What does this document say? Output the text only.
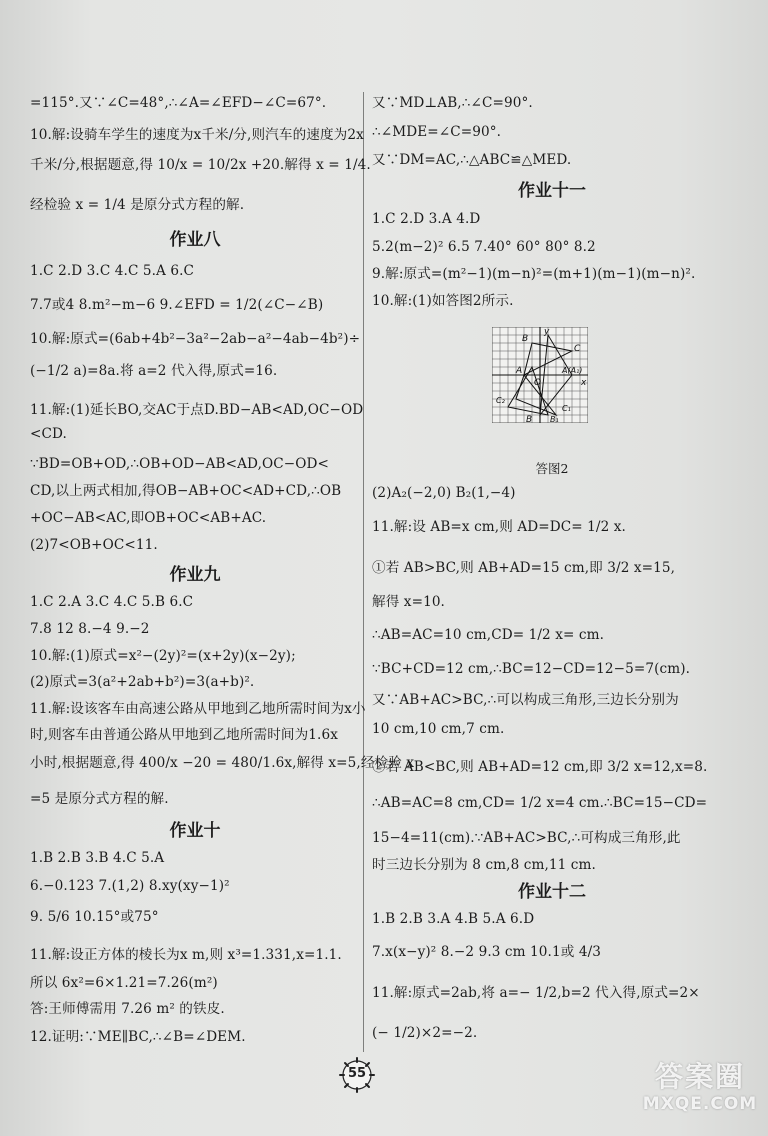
=115°.又∵∠C=48°,∴∠A=∠EFD−∠C=67°.
10.解:设骑车学生的速度为x千米/分,则汽车的速度为2x
千米/分,根据题意,得 10/x = 10/2x +20.解得 x = 1/4.
经检验 x = 1/4 是原分式方程的解.
作业八
1.C 2.D 3.C 4.C 5.A 6.C
7.7或4 8.m²−m−6 9.∠EFD = 1/2(∠C−∠B)
10.解:原式=(6ab+4b²−3a²−2ab−a²−4ab−4b²)÷
(−1/2 a)=8a.将 a=2 代入得,原式=16.
11.解:(1)延长BO,交AC于点D.BD−AB<AD,OC−OD
<CD.
∵BD=OB+OD,∴OB+OD−AB<AD,OC−OD<
CD,以上两式相加,得OB−AB+OC<AD+CD,∴OB
+OC−AB<AC,即OB+OC<AB+AC.
(2)7<OB+OC<11.
作业九
1.C 2.A 3.C 4.C 5.B 6.C
7.8 12 8.−4 9.−2
10.解:(1)原式=x²−(2y)²=(x+2y)(x−2y);
(2)原式=3(a²+2ab+b²)=3(a+b)².
11.解:设该客车由高速公路从甲地到乙地所需时间为x小
时,则客车由普通公路从甲地到乙地所需时间为1.6x
小时,根据题意,得 400/x −20 = 480/1.6x,解得 x=5,经检验 x
=5 是原分式方程的解.
作业十
1.B 2.B 3.B 4.C 5.A
6.−0.123 7.(1,2) 8.xy(xy−1)²
9. 5/6 10.15°或75°
11.解:设正方体的棱长为x m,则 x³=1.331,x=1.1.
所以 6x²=6×1.21=7.26(m²)
答:王师傅需用 7.26 m² 的铁皮.
12.证明:∵ME∥BC,∴∠B=∠DEM.
又∵MD⊥AB,∴∠C=90°.
∴∠MDE=∠C=90°.
又∵DM=AC,∴△ABC≌△MED.
作业十一
1.C 2.D 3.A 4.D
5.2(m−2)² 6.5 7.40° 60° 80° 8.2
9.解:原式=(m²−1)(m−n)²=(m+1)(m−1)(m−n)².
10.解:(1)如答图2所示.
y
B
C
A
O
A(A₁)
x
C₂
B B₁
C₁
答图2
(2)A₂(−2,0) B₂(1,−4)
11.解:设 AB=x cm,则 AD=DC= 1/2 x.
①若 AB>BC,则 AB+AD=15 cm,即 3/2 x=15,
解得 x=10.
∴AB=AC=10 cm,CD= 1/2 x= cm.
∵BC+CD=12 cm,∴BC=12−CD=12−5=7(cm).
又∵AB+AC>BC,∴可以构成三角形,三边长分别为
10 cm,10 cm,7 cm.
②若 AB<BC,则 AB+AD=12 cm,即 3/2 x=12,x=8.
∴AB=AC=8 cm,CD= 1/2 x=4 cm.∴BC=15−CD=
15−4=11(cm).∵AB+AC>BC,∴可构成三角形,此
时三边长分别为 8 cm,8 cm,11 cm.
作业十二
1.B 2.B 3.A 4.B 5.A 6.D
7.x(x−y)² 8.−2 9.3 cm 10.1或 4/3
11.解:原式=2ab,将 a=− 1/2,b=2 代入得,原式=2×
(− 1/2)×2=−2.
55	答案圈
MXQE.COM
